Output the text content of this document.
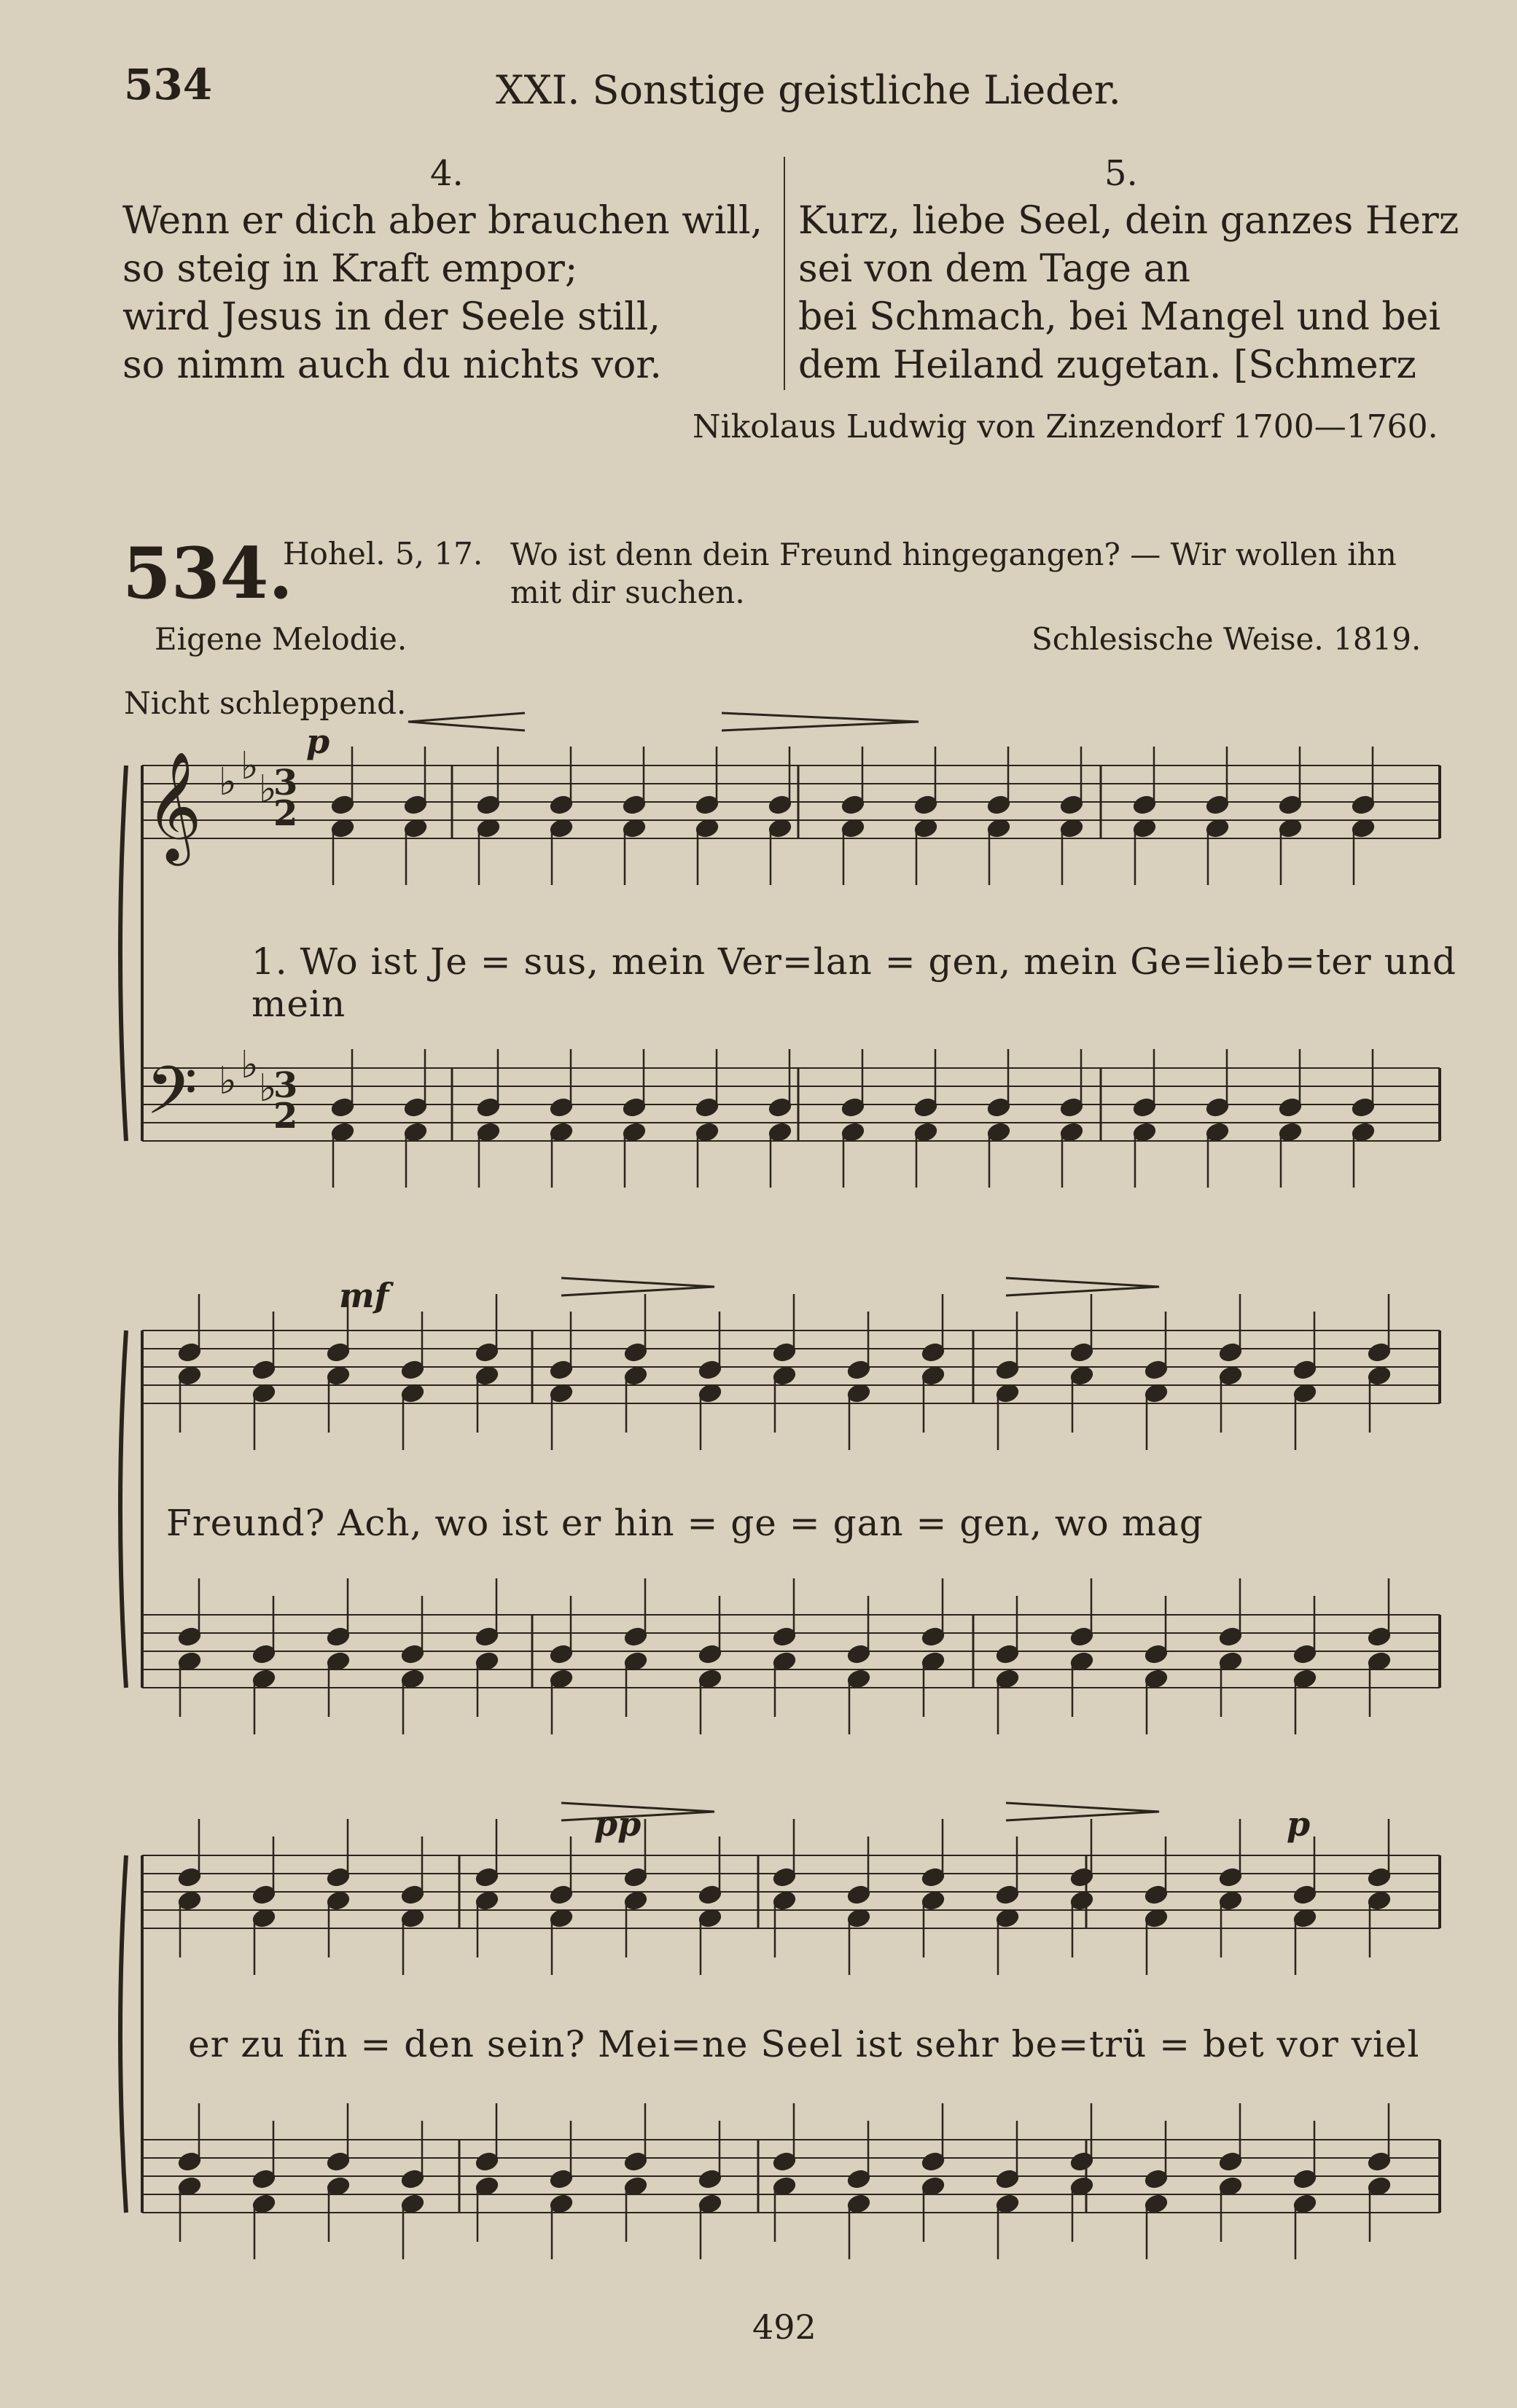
534	XXI. Sonstige geistliche Lieder.
4.	5.
Wenn er dich aber brauchen will,
so steig in Kraft empor;
wird Jesus in der Seele still,
so nimm auch du nichts vor.
Kurz, liebe Seel, dein ganzes Herz
sei von dem Tage an
bei Schmach, bei Mangel und bei
dem Heiland zugetan. [Schmerz
Nikolaus Ludwig von Zinzendorf 1700—1760.
534.
Hohel. 5, 17. Wo ist denn dein Freund hingegangen? — Wir wollen ihn mit dir suchen.
Eigene Melodie.	Schlesische Weise. 1819.
Nicht schleppend.
p
mf
pp	p
1. Wo ist Je = sus, mein Ver=lan = gen, mein Ge=lieb=ter und mein
Freund? Ach, wo ist er hin = ge = gan = gen, wo mag
er zu fin = den sein? Mei=ne Seel ist sehr be=trü = bet vor viel
𝄞
𝄢
3
2
3
2
♭ ♭
♭
♭ ♭
♭
492
